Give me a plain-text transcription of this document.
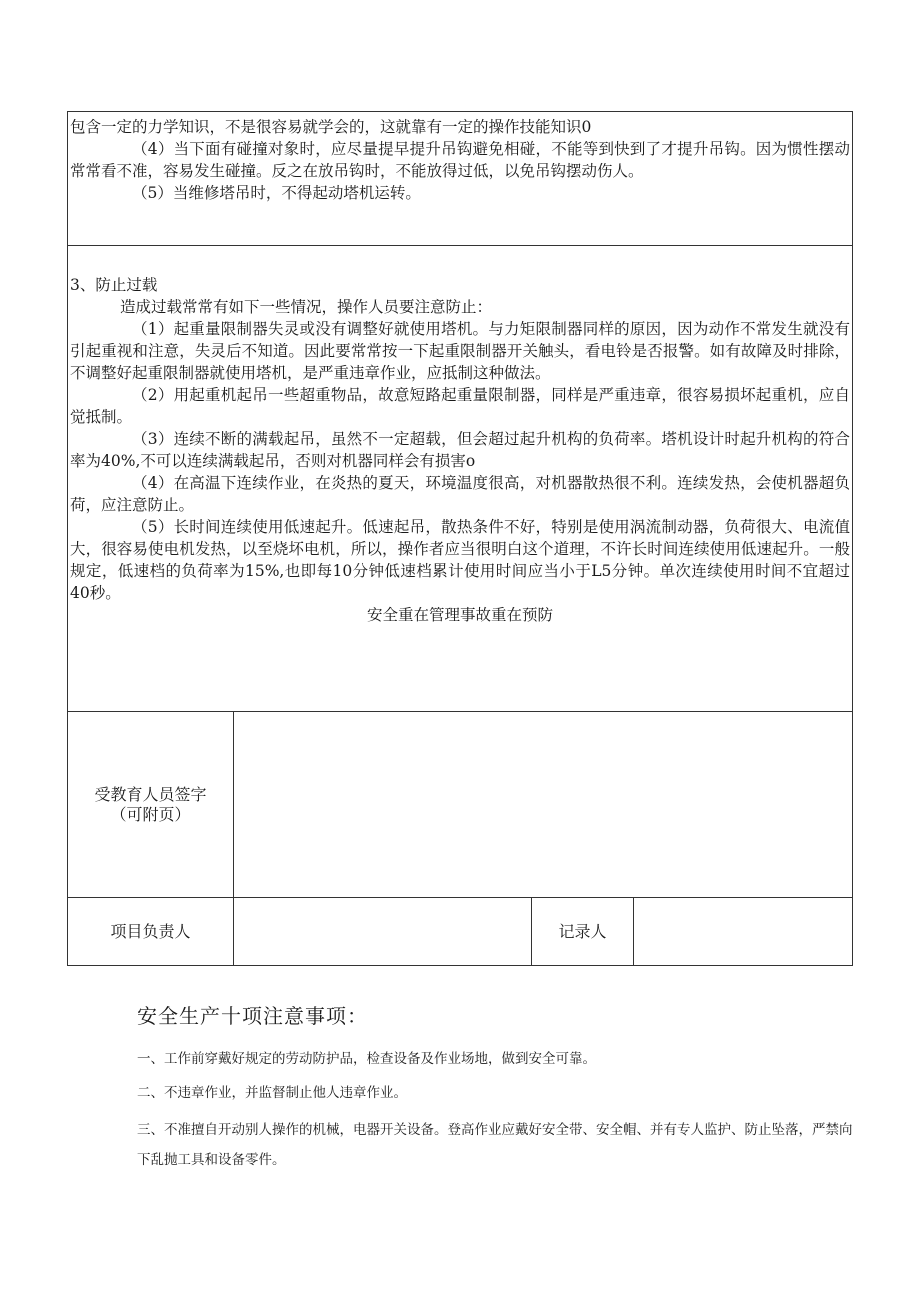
包含一定的力学知识，不是很容易就学会的，这就靠有一定的操作技能知识0

（4）当下面有碰撞对象时，应尽量提早提升吊钩避免相碰，不能等到快到了才提升吊钩。因为惯性摆动常常看不准，容易发生碰撞。反之在放吊钩时，不能放得过低，以免吊钩摆动伤人。

（5）当维修塔吊时，不得起动塔机运转。

3、防止过载

造成过载常常有如下一些情况，操作人员要注意防止：

（1）起重量限制器失灵或没有调整好就使用塔机。与力矩限制器同样的原因，因为动作不常发生就没有引起重视和注意，失灵后不知道。因此要常常按一下起重限制器开关触头，看电铃是否报警。如有故障及时排除，不调整好起重限制器就使用塔机，是严重违章作业，应抵制这种做法。

（2）用起重机起吊一些超重物品，故意短路起重量限制器，同样是严重违章，很容易损坏起重机，应自觉抵制。

（3）连续不断的满载起吊，虽然不一定超载，但会超过起升机构的负荷率。塔机设计时起升机构的符合率为40%,不可以连续满载起吊，否则对机器同样会有损害o

（4）在高温下连续作业，在炎热的夏天，环境温度很高，对机器散热很不利。连续发热，会使机器超负荷，应注意防止。

（5）长时间连续使用低速起升。低速起吊，散热条件不好，特别是使用涡流制动器，负荷很大、电流值大，很容易使电机发热，以至烧坏电机，所以，操作者应当很明白这个道理，不许长时间连续使用低速起升。一般规定，低速档的负荷率为15%,也即每10分钟低速档累计使用时间应当小于L5分钟。单次连续使用时间不宜超过40秒。

安全重在管理事故重在预防

受教育人员签字
（可附页）
项目负责人	记录人
安全生产十项注意事项：

一、工作前穿戴好规定的劳动防护品，检查设备及作业场地，做到安全可靠。

二、不违章作业，并监督制止他人违章作业。

三、不准擅自开动别人操作的机械，电器开关设备。登高作业应戴好安全带、安全帽、并有专人监护、防止坠落，严禁向下乱抛工具和设备零件。
